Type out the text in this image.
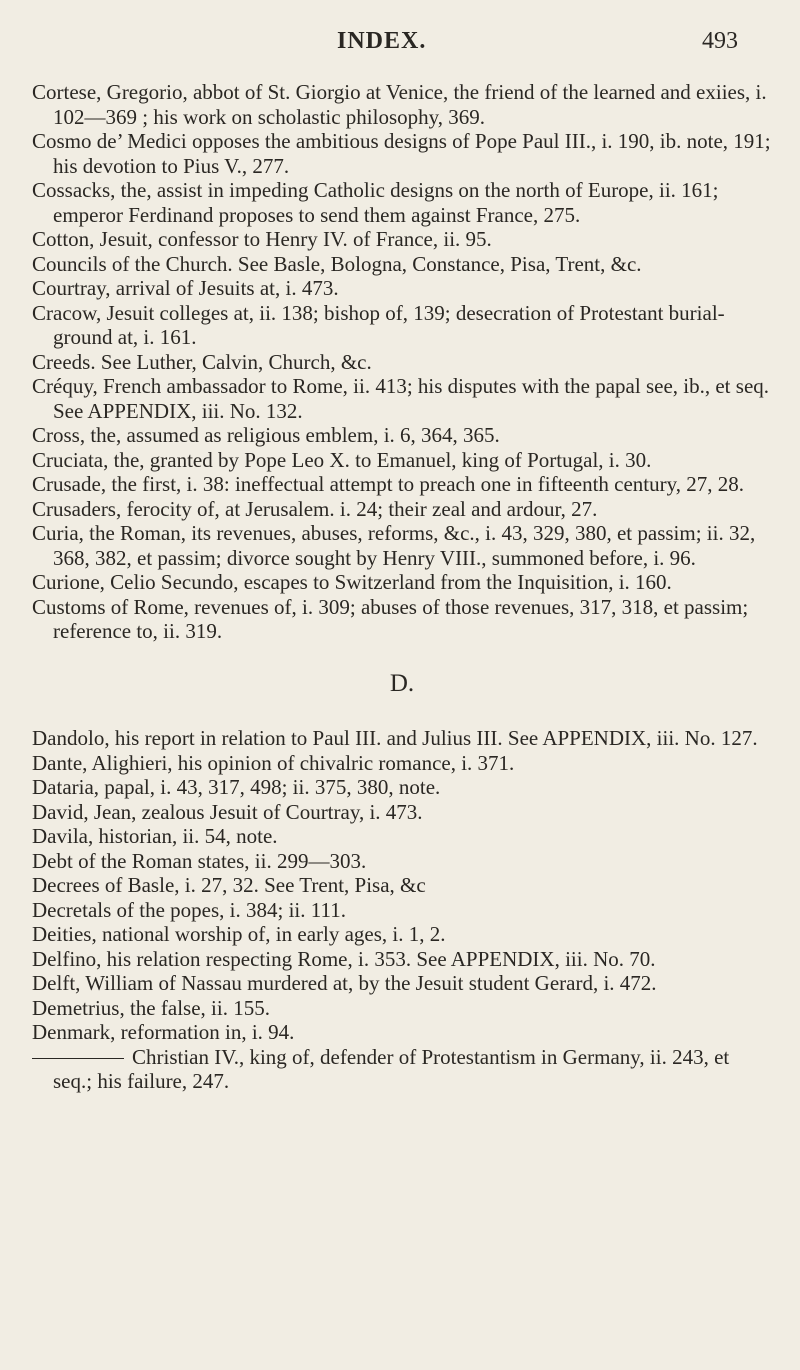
INDEX.	493

Cortese, Gregorio, abbot of St. Giorgio at Venice, the friend of the learned and exiies, i. 102—369 ; his work on scholastic philosophy, 369.

Cosmo de’ Medici opposes the ambitious designs of Pope Paul III., i. 190, ib. note, 191; his devotion to Pius V., 277.

Cossacks, the, assist in impeding Catholic designs on the north of Europe, ii. 161; emperor Ferdinand proposes to send them against France, 275.

Cotton, Jesuit, confessor to Henry IV. of France, ii. 95.

Councils of the Church. See Basle, Bologna, Constance, Pisa, Trent, &c.

Courtray, arrival of Jesuits at, i. 473.

Cracow, Jesuit colleges at, ii. 138; bishop of, 139; desecration of Protestant burial-ground at, i. 161.

Creeds. See Luther, Calvin, Church, &c.

Créquy, French ambassador to Rome, ii. 413; his disputes with the papal see, ib., et seq. See APPENDIX, iii. No. 132.

Cross, the, assumed as religious emblem, i. 6, 364, 365.

Cruciata, the, granted by Pope Leo X. to Emanuel, king of Portugal, i. 30.

Crusade, the first, i. 38: ineffectual attempt to preach one in fifteenth century, 27, 28.

Crusaders, ferocity of, at Jerusalem. i. 24; their zeal and ardour, 27.

Curia, the Roman, its revenues, abuses, reforms, &c., i. 43, 329, 380, et passim; ii. 32, 368, 382, et passim; divorce sought by Henry VIII., summoned before, i. 96.

Curione, Celio Secundo, escapes to Switzerland from the Inquisition, i. 160.

Customs of Rome, revenues of, i. 309; abuses of those revenues, 317, 318, et passim; reference to, ii. 319.

D.

Dandolo, his report in relation to Paul III. and Julius III. See APPENDIX, iii. No. 127.

Dante, Alighieri, his opinion of chivalric romance, i. 371.

Dataria, papal, i. 43, 317, 498; ii. 375, 380, note.

David, Jean, zealous Jesuit of Courtray, i. 473.

Davila, historian, ii. 54, note.

Debt of the Roman states, ii. 299—303.

Decrees of Basle, i. 27, 32. See Trent, Pisa, &c

Decretals of the popes, i. 384; ii. 111.

Deities, national worship of, in early ages, i. 1, 2.

Delfino, his relation respecting Rome, i. 353. See APPENDIX, iii. No. 70.

Delft, William of Nassau murdered at, by the Jesuit student Gerard, i. 472.

Demetrius, the false, ii. 155.

Denmark, reformation in, i. 94.

Christian IV., king of, defender of Protestantism in Germany, ii. 243, et seq.; his failure, 247.
